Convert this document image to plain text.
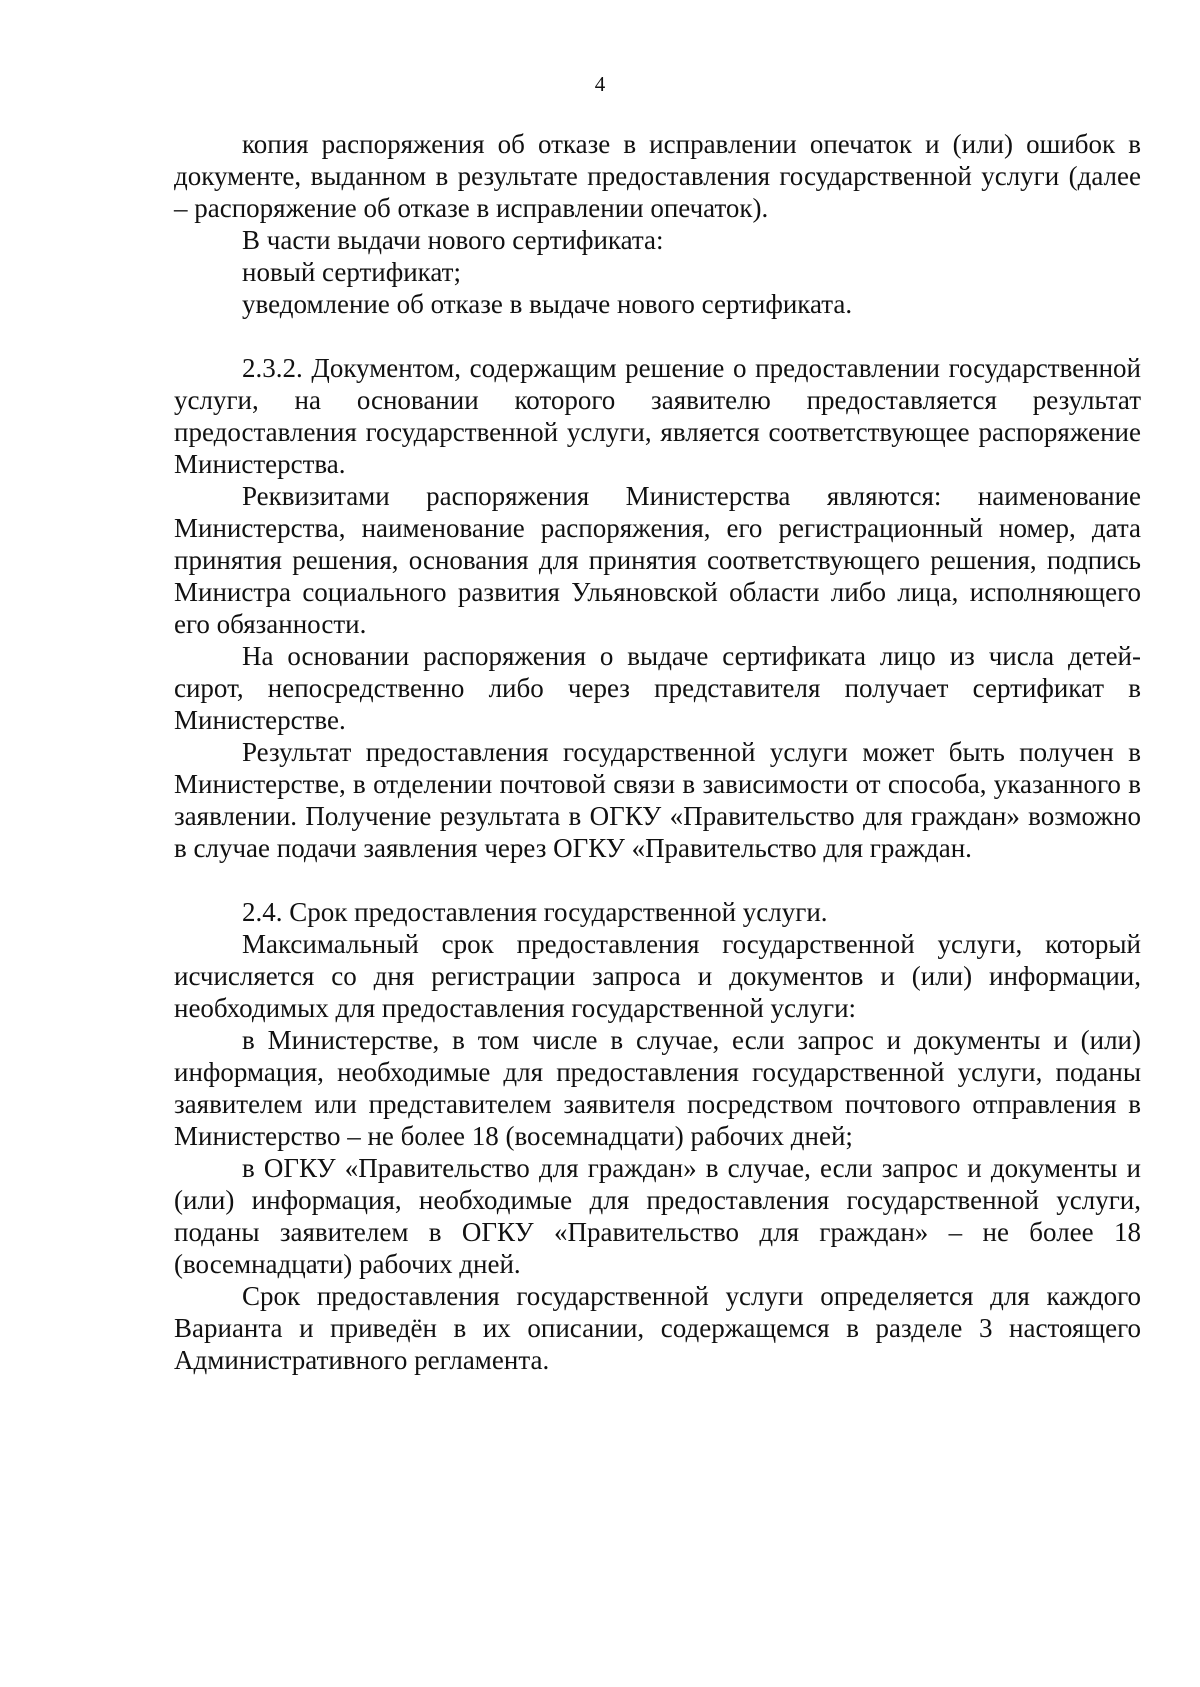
4

копия распоряжения об отказе в исправлении опечаток и (или) ошибок в документе, выданном в результате предоставления государственной услуги (далее – распоряжение об отказе в исправлении опечаток).

В части выдачи нового сертификата:

новый сертификат;

уведомление об отказе в выдаче нового сертификата.

2.3.2. Документом, содержащим решение о предоставлении государственной услуги, на основании которого заявителю предоставляется результат предоставления государственной услуги, является соответствующее распоряжение Министерства.

Реквизитами распоряжения Министерства являются: наименование Министерства, наименование распоряжения, его регистрационный номер, дата принятия решения, основания для принятия соответствующего решения, подпись Министра социального развития Ульяновской области либо лица, исполняющего его обязанности.

На основании распоряжения о выдаче сертификата лицо из числа детей-сирот, непосредственно либо через представителя получает сертификат в Министерстве.

Результат предоставления государственной услуги может быть получен в Министерстве, в отделении почтовой связи в зависимости от способа, указанного в заявлении. Получение результата в ОГКУ «Правительство для граждан» возможно в случае подачи заявления через ОГКУ «Правительство для граждан.

2.4. Срок предоставления государственной услуги.

Максимальный срок предоставления государственной услуги, который исчисляется со дня регистрации запроса и документов и (или) информации, необходимых для предоставления государственной услуги:

в Министерстве, в том числе в случае, если запрос и документы и (или) информация, необходимые для предоставления государственной услуги, поданы заявителем или представителем заявителя посредством почтового отправления в Министерство – не более 18 (восемнадцати) рабочих дней;

в ОГКУ «Правительство для граждан» в случае, если запрос и документы и (или) информация, необходимые для предоставления государственной услуги, поданы заявителем в ОГКУ «Правительство для граждан» – не более 18 (восемнадцати) рабочих дней.

Срок предоставления государственной услуги определяется для каждого Варианта и приведён в их описании, содержащемся в разделе 3 настоящего Административного регламента.
